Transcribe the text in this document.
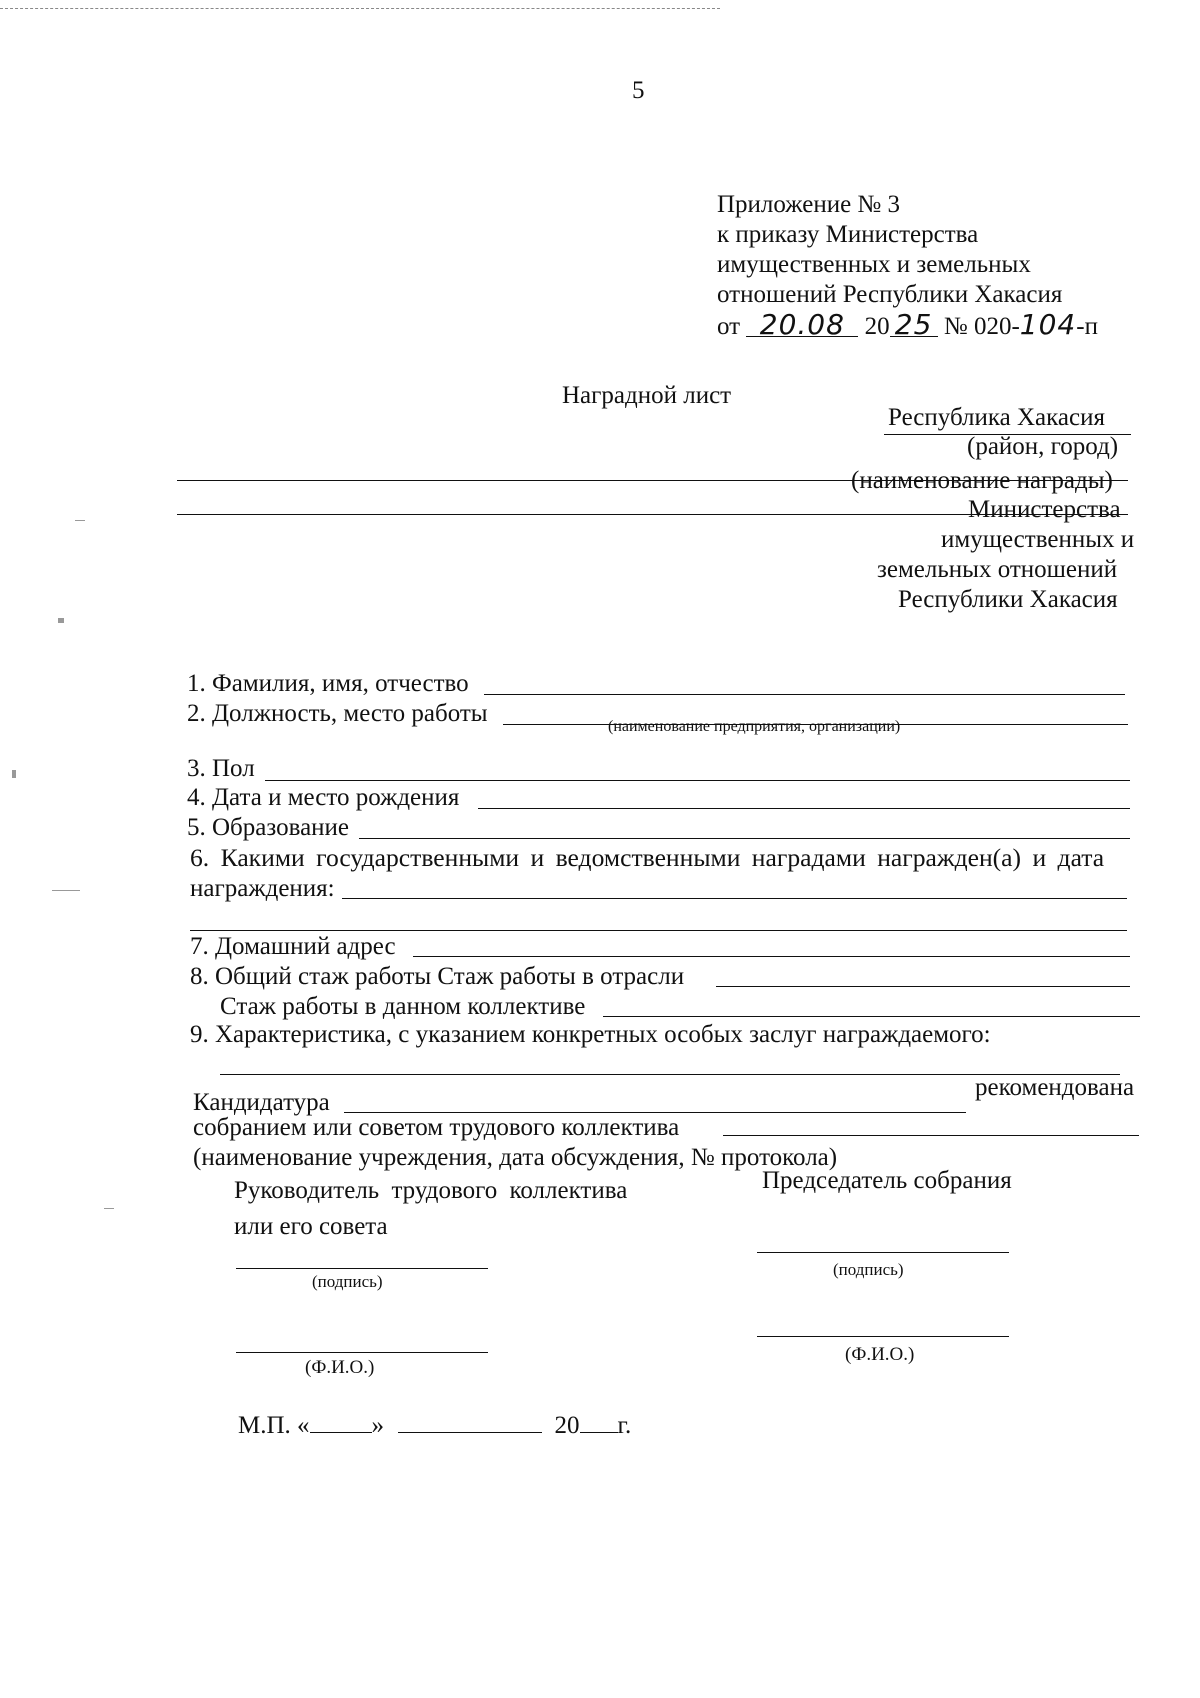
5
Приложение № 3
к приказу Министерства
имущественных и земельных
отношений Республики Хакасия
от 20.08 20 25 № 020-104-п
Наградной лист
Республика Хакасия
(район, город)
(наименование награды)
Министерства
имущественных и
земельных отношений
Республики Хакасия
1. Фамилия, имя, отчество
2. Должность, место работы	(наименование предприятия, организации)
3. Пол
4. Дата и место рождения
5. Образование
6. Какими государственными и ведомственными наградами награжден(а) и дата
награждения:
7. Домашний адрес
8. Общий стаж работы Стаж работы в отрасли
Стаж работы в данном коллективе
9. Характеристика, с указанием конкретных особых заслуг награждаемого:
Кандидатура
рекомендована
собранием или советом трудового коллектива
(наименование учреждения, дата обсуждения, № протокола)
Руководитель трудового коллектива
или его совета
Председатель собрания
(подпись)
(подпись)
(Ф.И.О.)
(Ф.И.О.)
М.П. « »	20 г.
